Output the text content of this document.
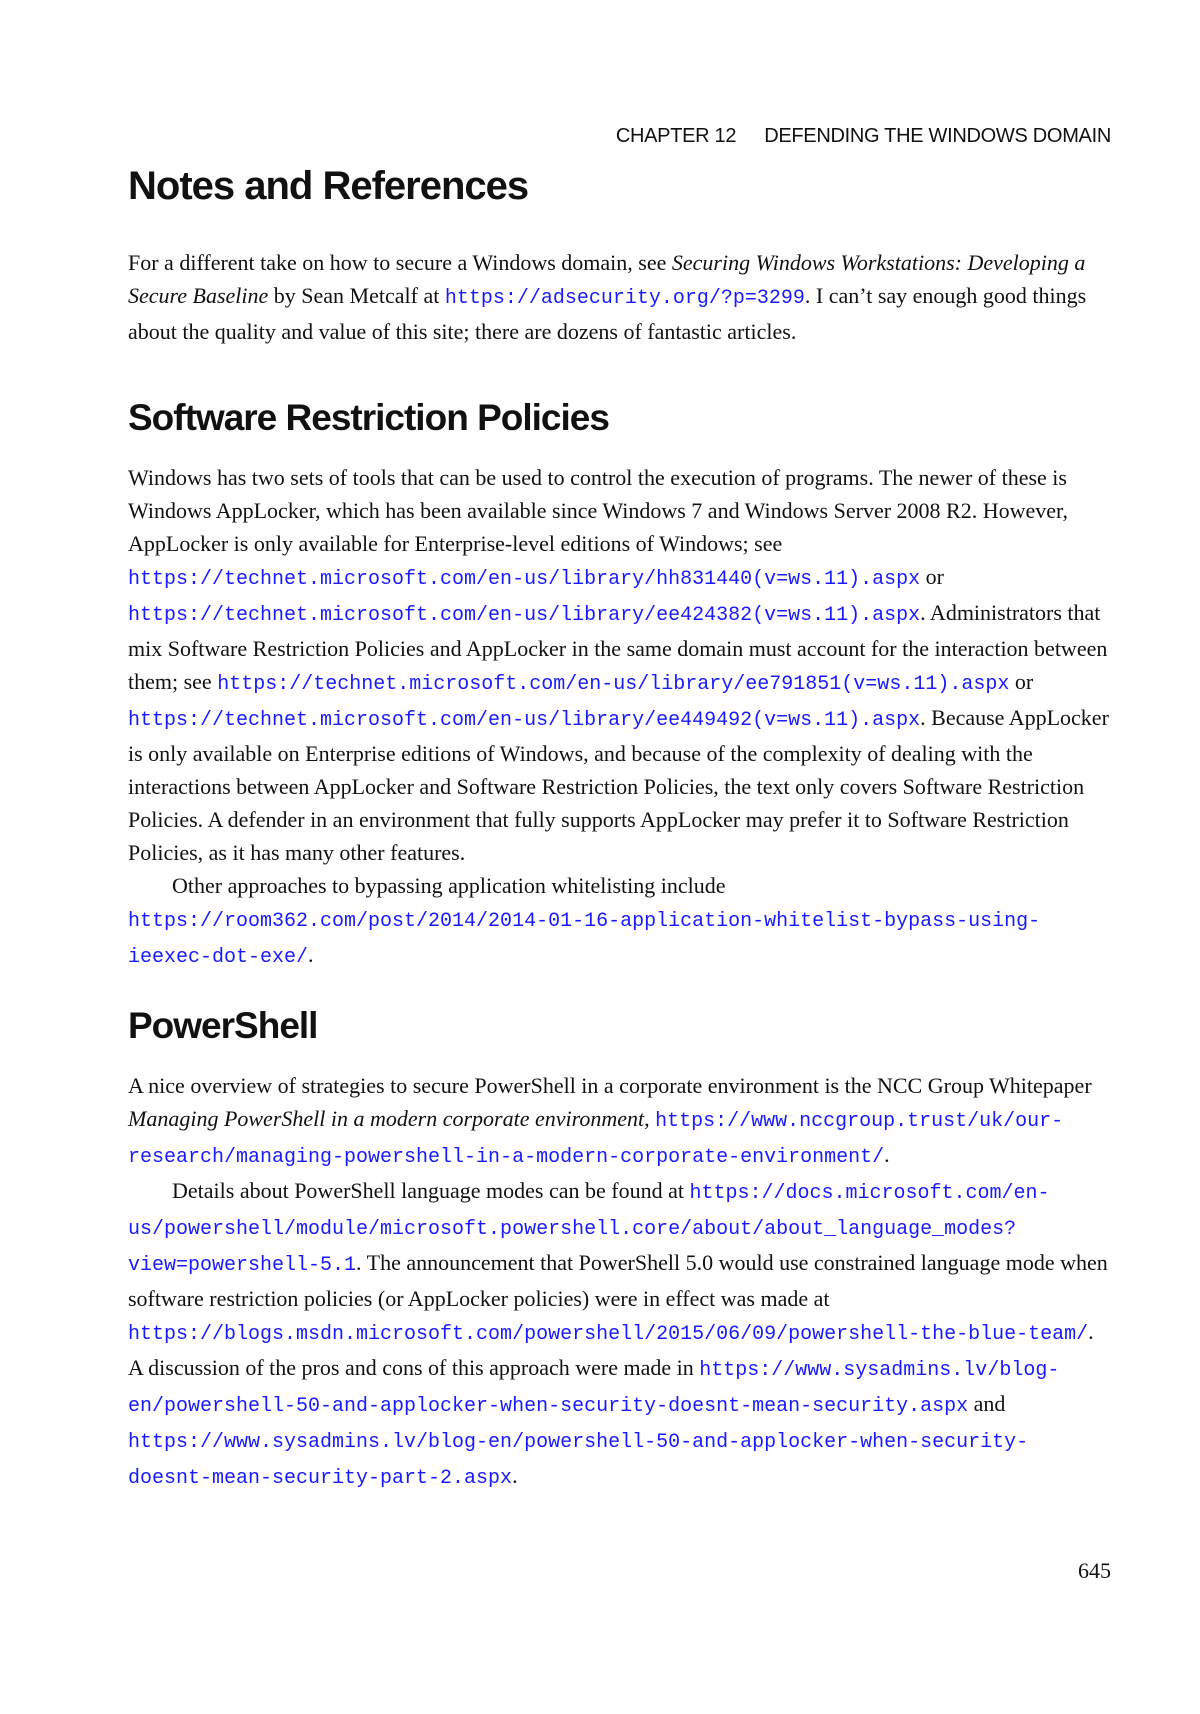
CHAPTER 12 DEFENDING THE WINDOWS DOMAIN
Notes and References

For a different take on how to secure a Windows domain, see Securing Windows Workstations: Developing a Secure Baseline by Sean Metcalf at https://adsecurity.org/?p=3299. I can’t say enough good things about the quality and value of this site; there are dozens of fantastic articles.

Software Restriction Policies

Windows has two sets of tools that can be used to control the execution of programs. The newer of these is Windows AppLocker, which has been available since Windows 7 and Windows Server 2008 R2. However, AppLocker is only available for Enterprise-level editions of Windows; see https://technet.microsoft.com/en-us/library/hh831440(v=ws.11).aspx or https://technet.microsoft.com/en-us/library/ee424382(v=ws.11).aspx. Administrators that mix Software Restriction Policies and AppLocker in the same domain must account for the interaction between them; see https://technet.microsoft.com/en-us/library/ee791851(v=ws.11).aspx or https://technet.microsoft.com/en-us/library/ee449492(v=ws.11).aspx. Because AppLocker is only available on Enterprise editions of Windows, and because of the complexity of dealing with the interactions between AppLocker and Software Restriction Policies, the text only covers Software Restriction Policies. A defender in an environment that fully supports AppLocker may prefer it to Software Restriction Policies, as it has many other features.

Other approaches to bypassing application whitelisting include https://room362.com/post/2014/2014-01-16-application-whitelist-bypass-using-ieexec-dot-exe/.

PowerShell

A nice overview of strategies to secure PowerShell in a corporate environment is the NCC Group Whitepaper Managing PowerShell in a modern corporate environment, https://www.nccgroup.trust/uk/our-research/managing-powershell-in-a-modern-corporate-environment/.

Details about PowerShell language modes can be found at https://docs.microsoft.com/en-us/powershell/module/microsoft.powershell.core/about/about_language_modes?view=powershell-5.1. The announcement that PowerShell 5.0 would use constrained language mode when software restriction policies (or AppLocker policies) were in effect was made at https://blogs.msdn.microsoft.com/powershell/2015/06/09/powershell-the-blue-team/. A discussion of the pros and cons of this approach were made in https://www.sysadmins.lv/blog-en/powershell-50-and-applocker-when-security-doesnt-mean-security.aspx and https://www.sysadmins.lv/blog-en/powershell-50-and-applocker-when-security-doesnt-mean-security-part-2.aspx.

645
